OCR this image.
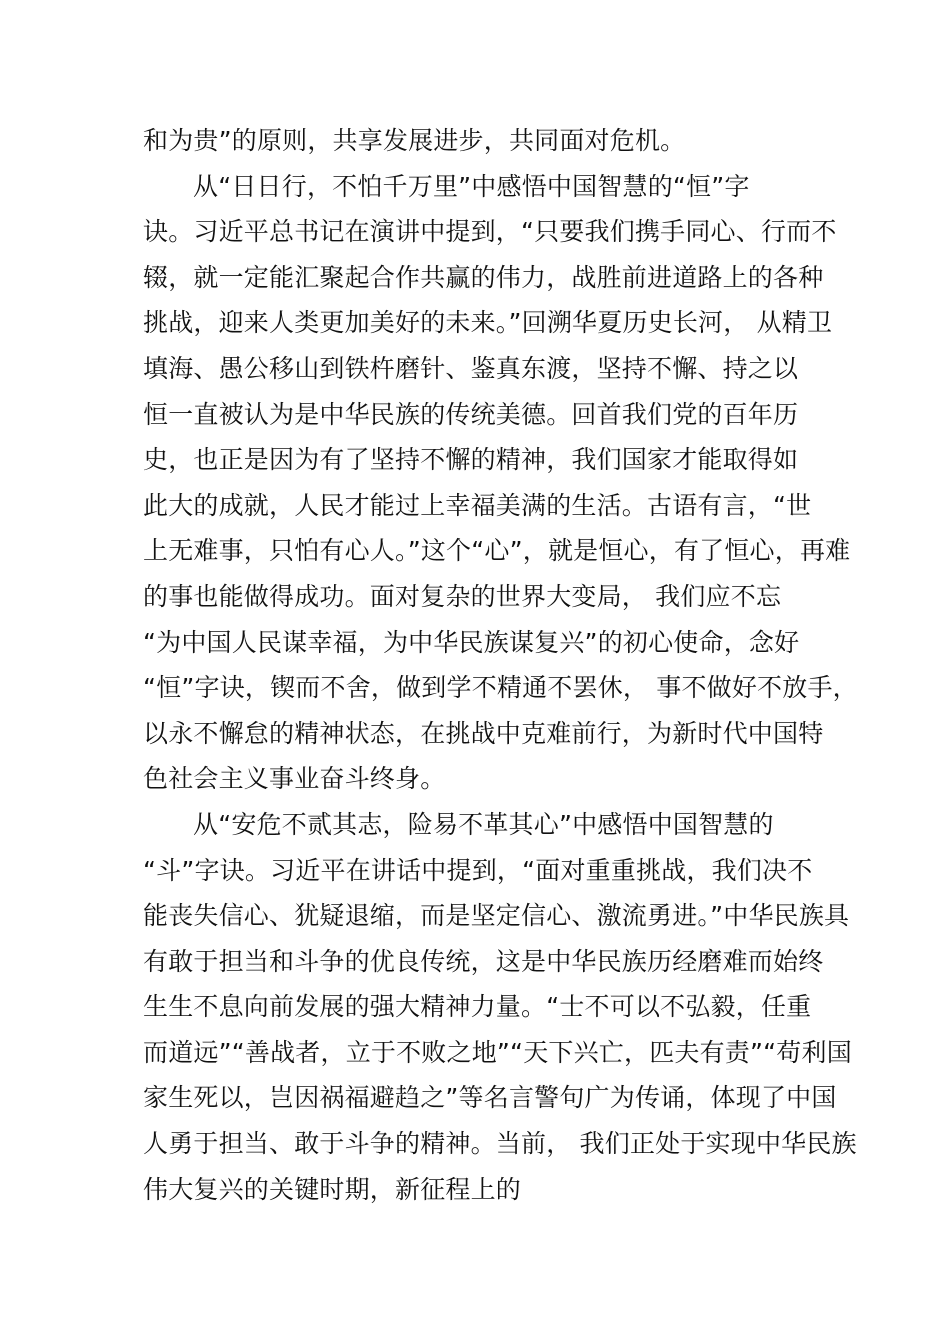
和为贵”的原则，共享发展进步，共同面对危机。
从“日日行，不怕千万里”中感悟中国智慧的“恒”字
诀。习近平总书记在演讲中提到，“只要我们携手同心、行而不
辍，就一定能汇聚起合作共赢的伟力，战胜前进道路上的各种
挑战，迎来人类更加美好的未来。”回溯华夏历史长河， 从精卫
填海、愚公移山到铁杵磨针、鉴真东渡，坚持不懈、持之以
恒一直被认为是中华民族的传统美德。回首我们党的百年历
史，也正是因为有了坚持不懈的精神，我们国家才能取得如
此大的成就，人民才能过上幸福美满的生活。古语有言，“世
上无难事，只怕有心人。”这个“心”，就是恒心，有了恒心，再难
的事也能做得成功。面对复杂的世界大变局， 我们应不忘
“为中国人民谋幸福，为中华民族谋复兴”的初心使命，念好
“恒”字诀，锲而不舍，做到学不精通不罢休， 事不做好不放手，
以永不懈怠的精神状态，在挑战中克难前行，为新时代中国特
色社会主义事业奋斗终身。
从“安危不贰其志，险易不革其心”中感悟中国智慧的
“斗”字诀。习近平在讲话中提到，“面对重重挑战，我们决不
能丧失信心、犹疑退缩，而是坚定信心、激流勇进。”中华民族具
有敢于担当和斗争的优良传统，这是中华民族历经磨难而始终
生生不息向前发展的强大精神力量。“士不可以不弘毅，任重
而道远”“善战者，立于不败之地”“天下兴亡，匹夫有责”“苟利国
家生死以，岂因祸福避趋之”等名言警句广为传诵，体现了中国
人勇于担当、敢于斗争的精神。当前， 我们正处于实现中华民族
伟大复兴的关键时期，新征程上的
